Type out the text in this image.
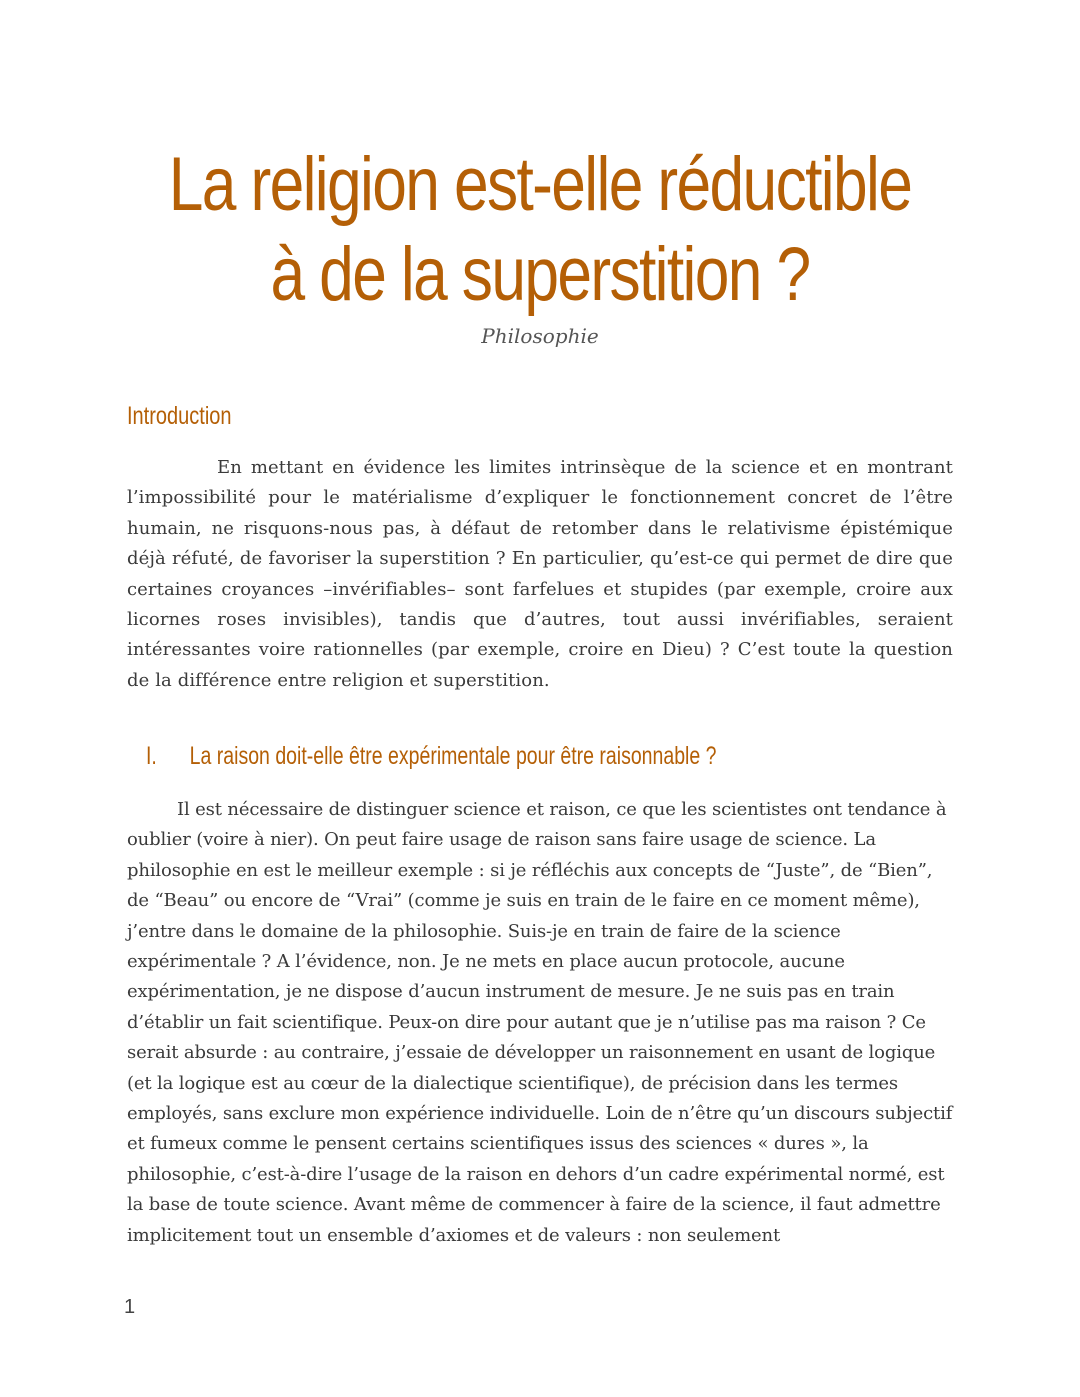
La religion est-elle réductible
à de la superstition ?

Philosophie

Introduction

En mettant en évidence les limites intrinsèque de la science et en montrant l’impossibilité pour le matérialisme d’expliquer le fonctionnement concret de l’être humain, ne risquons-nous pas, à défaut de retomber dans le relativisme épistémique déjà réfuté, de favoriser la superstition ? En particulier, qu’est-ce qui permet de dire que certaines croyances –invérifiables– sont farfelues et stupides (par exemple, croire aux licornes roses invisibles), tandis que d’autres, tout aussi invérifiables, seraient intéressantes voire rationnelles (par exemple, croire en Dieu) ? C’est toute la question de la différence entre religion et superstition.

I. La raison doit-elle être expérimentale pour être raisonnable ?

Il est nécessaire de distinguer science et raison, ce que les scientistes ont tendance à oublier (voire à nier). On peut faire usage de raison sans faire usage de science. La philosophie en est le meilleur exemple : si je réfléchis aux concepts de “Juste”, de “Bien”, de “Beau” ou encore de “Vrai” (comme je suis en train de le faire en ce moment même), j’entre dans le domaine de la philosophie. Suis-je en train de faire de la science expérimentale ? A l’évidence, non. Je ne mets en place aucun protocole, aucune expérimentation, je ne dispose d’aucun instrument de mesure. Je ne suis pas en train d’établir un fait scientifique. Peux-on dire pour autant que je n’utilise pas ma raison ? Ce serait absurde : au contraire, j’essaie de développer un raisonnement en usant de logique (et la logique est au cœur de la dialectique scientifique), de précision dans les termes employés, sans exclure mon expérience individuelle. Loin de n’être qu’un discours subjectif et fumeux comme le pensent certains scientifiques issus des sciences « dures », la philosophie, c’est-à-dire l’usage de la raison en dehors d’un cadre expérimental normé, est la base de toute science. Avant même de commencer à faire de la science, il faut admettre implicitement tout un ensemble d’axiomes et de valeurs : non seulement

1
